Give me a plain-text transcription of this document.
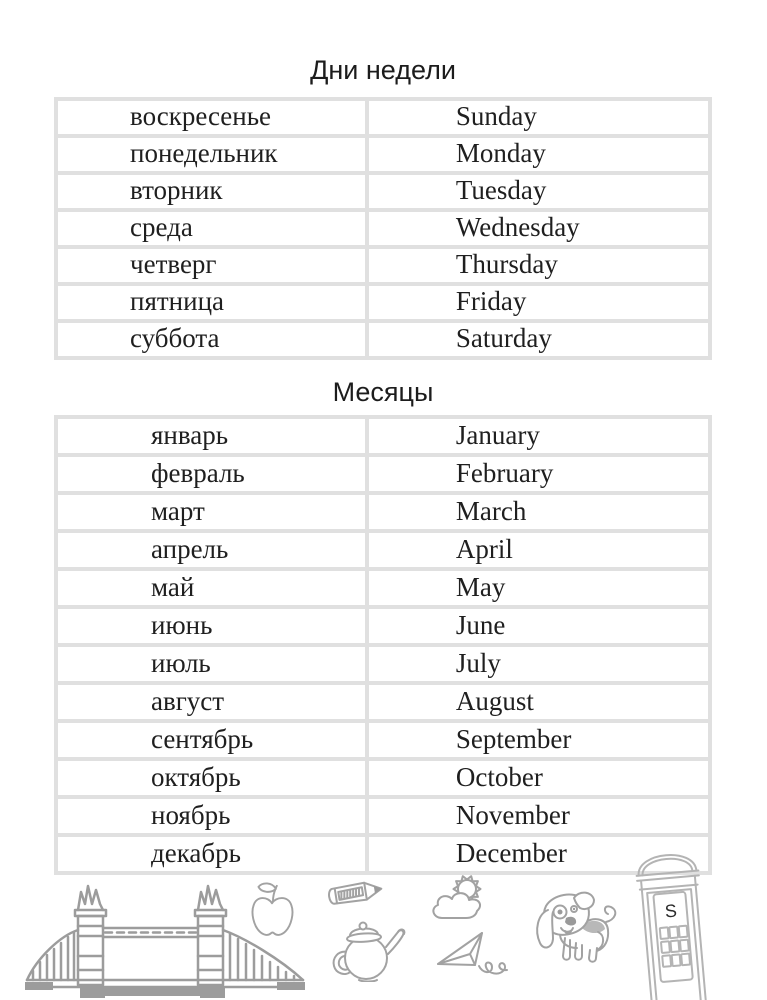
Дни недели
воскресенье	Sunday
понедельник	Monday
вторник	Tuesday
среда	Wednesday
четверг	Thursday
пятница	Friday
суббота	Saturday
Месяцы
январь	January
февраль	February
март	March
апрель	April
май	May
июнь	June
июль	July
август	August
сентябрь	September
октябрь	October
ноябрь	November
декабрь	December
S
